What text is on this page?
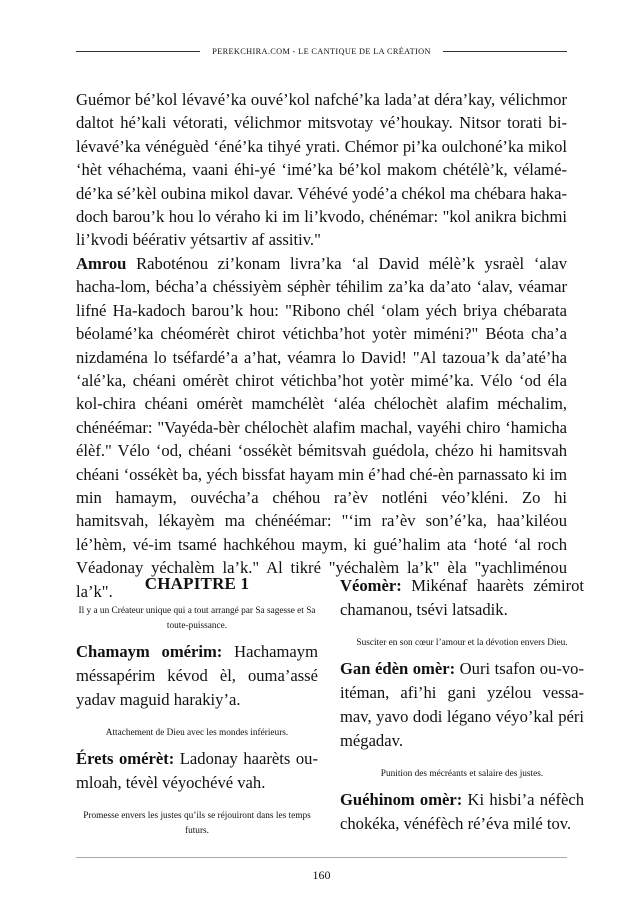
PEREKCHIRA.COM - LE CANTIQUE DE LA CRÉATION

Guémor bé’kol lévavé’ka ouvé’kol nafché’ka lada’at déra’kay, vélichmor daltot hé’kali vétorati, vélichmor mitsvotay vé’houkay. Nitsor torati bi-lévavé’ka vénéguèd ‘éné’ka tihyé yrati. Chémor pi’ka oulchoné’ka mikol ‘hèt véhachéma, vaani éhi-yé ‘imé’ka bé’kol makom chétélè’k, vélamé-dé’ka sé’kèl oubina mikol davar. Véhévé yodé’a chékol ma chébara haka-doch barou’k hou lo véraho ki im li’kvodo, chénémar: "kol anikra bichmi li’kvodi béérativ yétsartiv af assitiv."

Amrou Raboténou zi’konam livra’ka ‘al David mélè’k ysraèl ‘alav hacha-lom, bécha’a chéssiyèm séphèr téhilim za’ka da’ato ‘alav, véamar lifné Ha-kadoch barou’k hou: "Ribono chél ‘olam yéch briya chébarata béolamé’ka chéomérèt chirot vétichba’hot yotèr miméni?" Béota cha’a nizdaména lo tséfardé’a a’hat, véamra lo David! "Al tazoua’k da’até’ha ‘alé’ka, chéani omérèt chirot vétichba’hot yotèr mimé’ka. Vélo ‘od éla kol-chira chéani omérèt mamchélèt ‘aléa chélochèt alafim méchalim, chénéémar: "Vayéda-bèr chélochèt alafim machal, vayéhi chiro ‘hamicha élèf." Vélo ‘od, chéani ‘ossékèt bémitsvah guédola, chézo hi hamitsvah chéani ‘ossékèt ba, yéch bissfat hayam min é’had ché-èn parnassato ki im min hamaym, ouvécha’a chéhou ra’èv notléni véo’kléni. Zo hi hamitsvah, lékayèm ma chénéémar: "‘im ra’èv son’é’ka, haa’kiléou lé’hèm, vé-im tsamé hachkéhou maym, ki gué’halim ata ‘hoté ‘al roch Véadonay yéchalèm la’k." Al tikré "yéchalèm la’k" èla "yachliménou la’k".	CHAPITRE 1
Il y a un Créateur unique qui a tout arrangé par Sa sagesse et Sa toute-puissance.

Chamaym omérim: Hachamaym méssapérim kévod èl, ouma’assé yadav maguid harakiy’a.

Attachement de Dieu avec les mondes inférieurs.

Érets omérèt: Ladonay haarèts ou-mloah, tévèl véyochévé vah.

Promesse envers les justes qu’ils se réjouiront dans les temps futurs.

Véomèr: Mikénaf haarèts zémirot chamanou, tsévi latsadik.

Susciter en son cœur l’amour et la dévotion envers Dieu.

Gan édèn omèr: Ouri tsafon ou-vo-itéman, afi’hi gani yzélou vessa-mav, yavo dodi légano véyo’kal péri mégadav.

Punition des mécréants et salaire des justes.

Guéhinom omèr: Ki hisbi’a néfèch chokéka, vénéfèch ré’éva milé tov.

160
